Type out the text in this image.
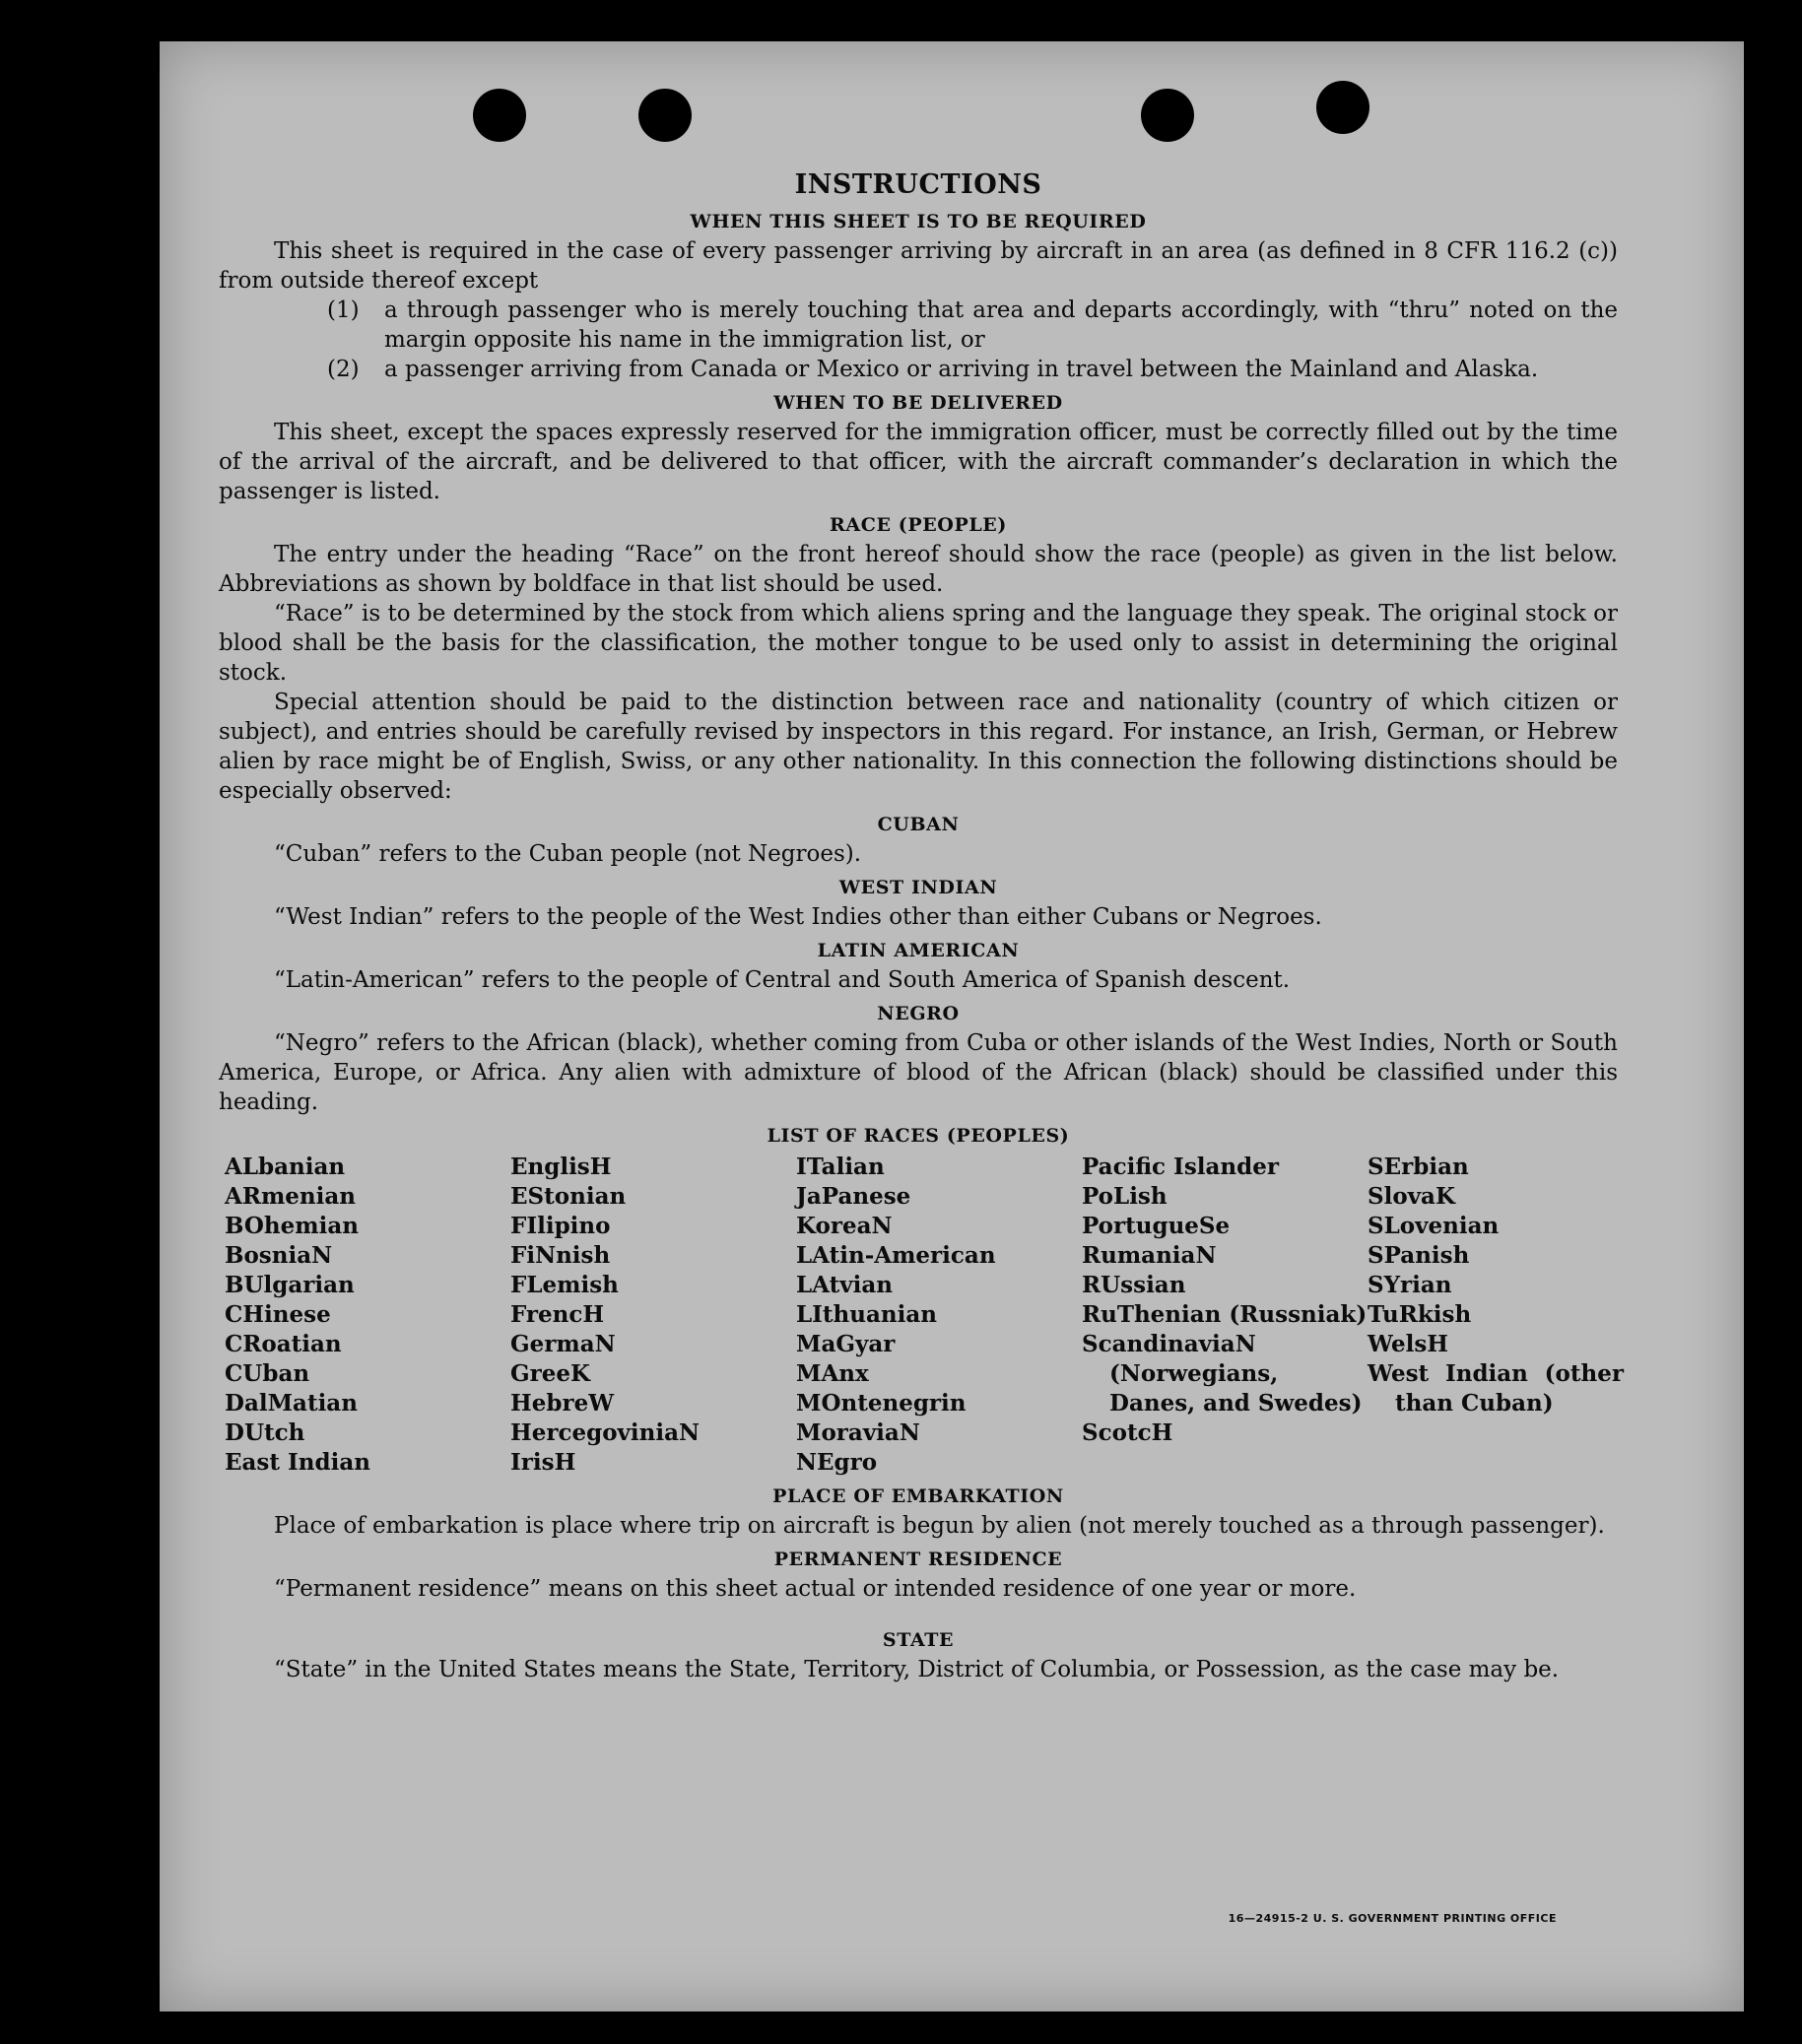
INSTRUCTIONS
WHEN THIS SHEET IS TO BE REQUIRED

This sheet is required in the case of every passenger arriving by aircraft in an area (as defined in 8 CFR 116.2 (c)) from outside thereof except

(1)	a through passenger who is merely touching that area and departs accordingly, with “thru” noted on the margin opposite his name in the immigration list, or
(2)	a passenger arriving from Canada or Mexico or arriving in travel between the Mainland and Alaska.
WHEN TO BE DELIVERED

This sheet, except the spaces expressly reserved for the immigration officer, must be correctly filled out by the time of the arrival of the aircraft, and be delivered to that officer, with the aircraft commander’s declaration in which the passenger is listed.

RACE (PEOPLE)

The entry under the heading “Race” on the front hereof should show the race (people) as given in the list below. Abbreviations as shown by boldface in that list should be used.

“Race” is to be determined by the stock from which aliens spring and the language they speak. The original stock or blood shall be the basis for the classification, the mother tongue to be used only to assist in determining the original stock.

Special attention should be paid to the distinction between race and nationality (country of which citizen or subject), and entries should be carefully revised by inspectors in this regard. For instance, an Irish, German, or Hebrew alien by race might be of English, Swiss, or any other nationality. In this connection the following distinctions should be especially observed:

CUBAN

“Cuban” refers to the Cuban people (not Negroes).

WEST INDIAN

“West Indian” refers to the people of the West Indies other than either Cubans or Negroes.

LATIN AMERICAN

“Latin-American” refers to the people of Central and South America of Spanish descent.

NEGRO

“Negro” refers to the African (black), whether coming from Cuba or other islands of the West Indies, North or South America, Europe, or Africa. Any alien with admixture of blood of the African (black) should be classified under this heading.

LIST OF RACES (PEOPLES)
ALbanian
ARmenian
BOhemian
BosniaN
BUlgarian
CHinese
CRoatian
CUban
DalMatian
DUtch
East Indian
EnglisH
EStonian
FIlipino
FiNnish
FLemish
FrencH
GermaN
GreeK
HebreW
HercegoviniaN
IrisH
ITalian
JaPanese
KoreaN
LAtin-American
LAtvian
LIthuanian
MaGyar
MAnx
MOntenegrin
MoraviaN
NEgro
Pacific Islander
PoLish
PortugueSe
RumaniaN
RUssian
RuThenian (Russniak)
ScandinaviaN (Norwegians, Danes, and Swedes)
ScotcH
SErbian
SlovaK
SLovenian
SPanish
SYrian
TuRkish
WelsH
West Indian (other than Cuban)
PLACE OF EMBARKATION

Place of embarkation is place where trip on aircraft is begun by alien (not merely touched as a through passenger).

PERMANENT RESIDENCE

“Permanent residence” means on this sheet actual or intended residence of one year or more.

STATE

“State” in the United States means the State, Territory, District of Columbia, or Possession, as the case may be.

16—24915-2 U. S. GOVERNMENT PRINTING OFFICE
